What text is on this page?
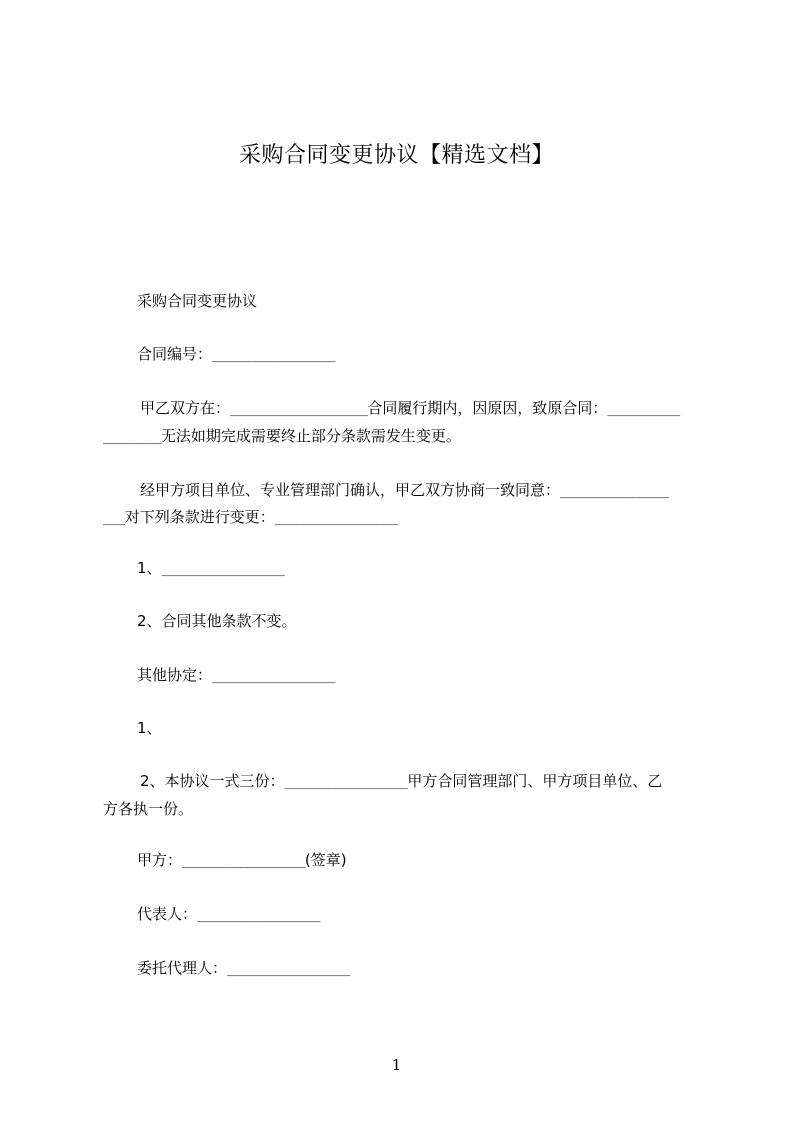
采购合同变更协议【精选文档】
采购合同变更协议
合同编号：_________________
甲乙双方在：___________________合同履行期内，因原因，致原合同：__________
________无法如期完成需要终止部分条款需发生变更。
经甲方项目单位、专业管理部门确认，甲乙双方协商一致同意：_______________
___对下列条款进行变更：_________________
1、_________________
2、合同其他条款不变。
其他协定：_________________
1、
2、本协议一式三份：_________________甲方合同管理部门、甲方项目单位、乙
方各执一份。
甲方：_________________(签章)
代表人：_________________
委托代理人：_________________
1
